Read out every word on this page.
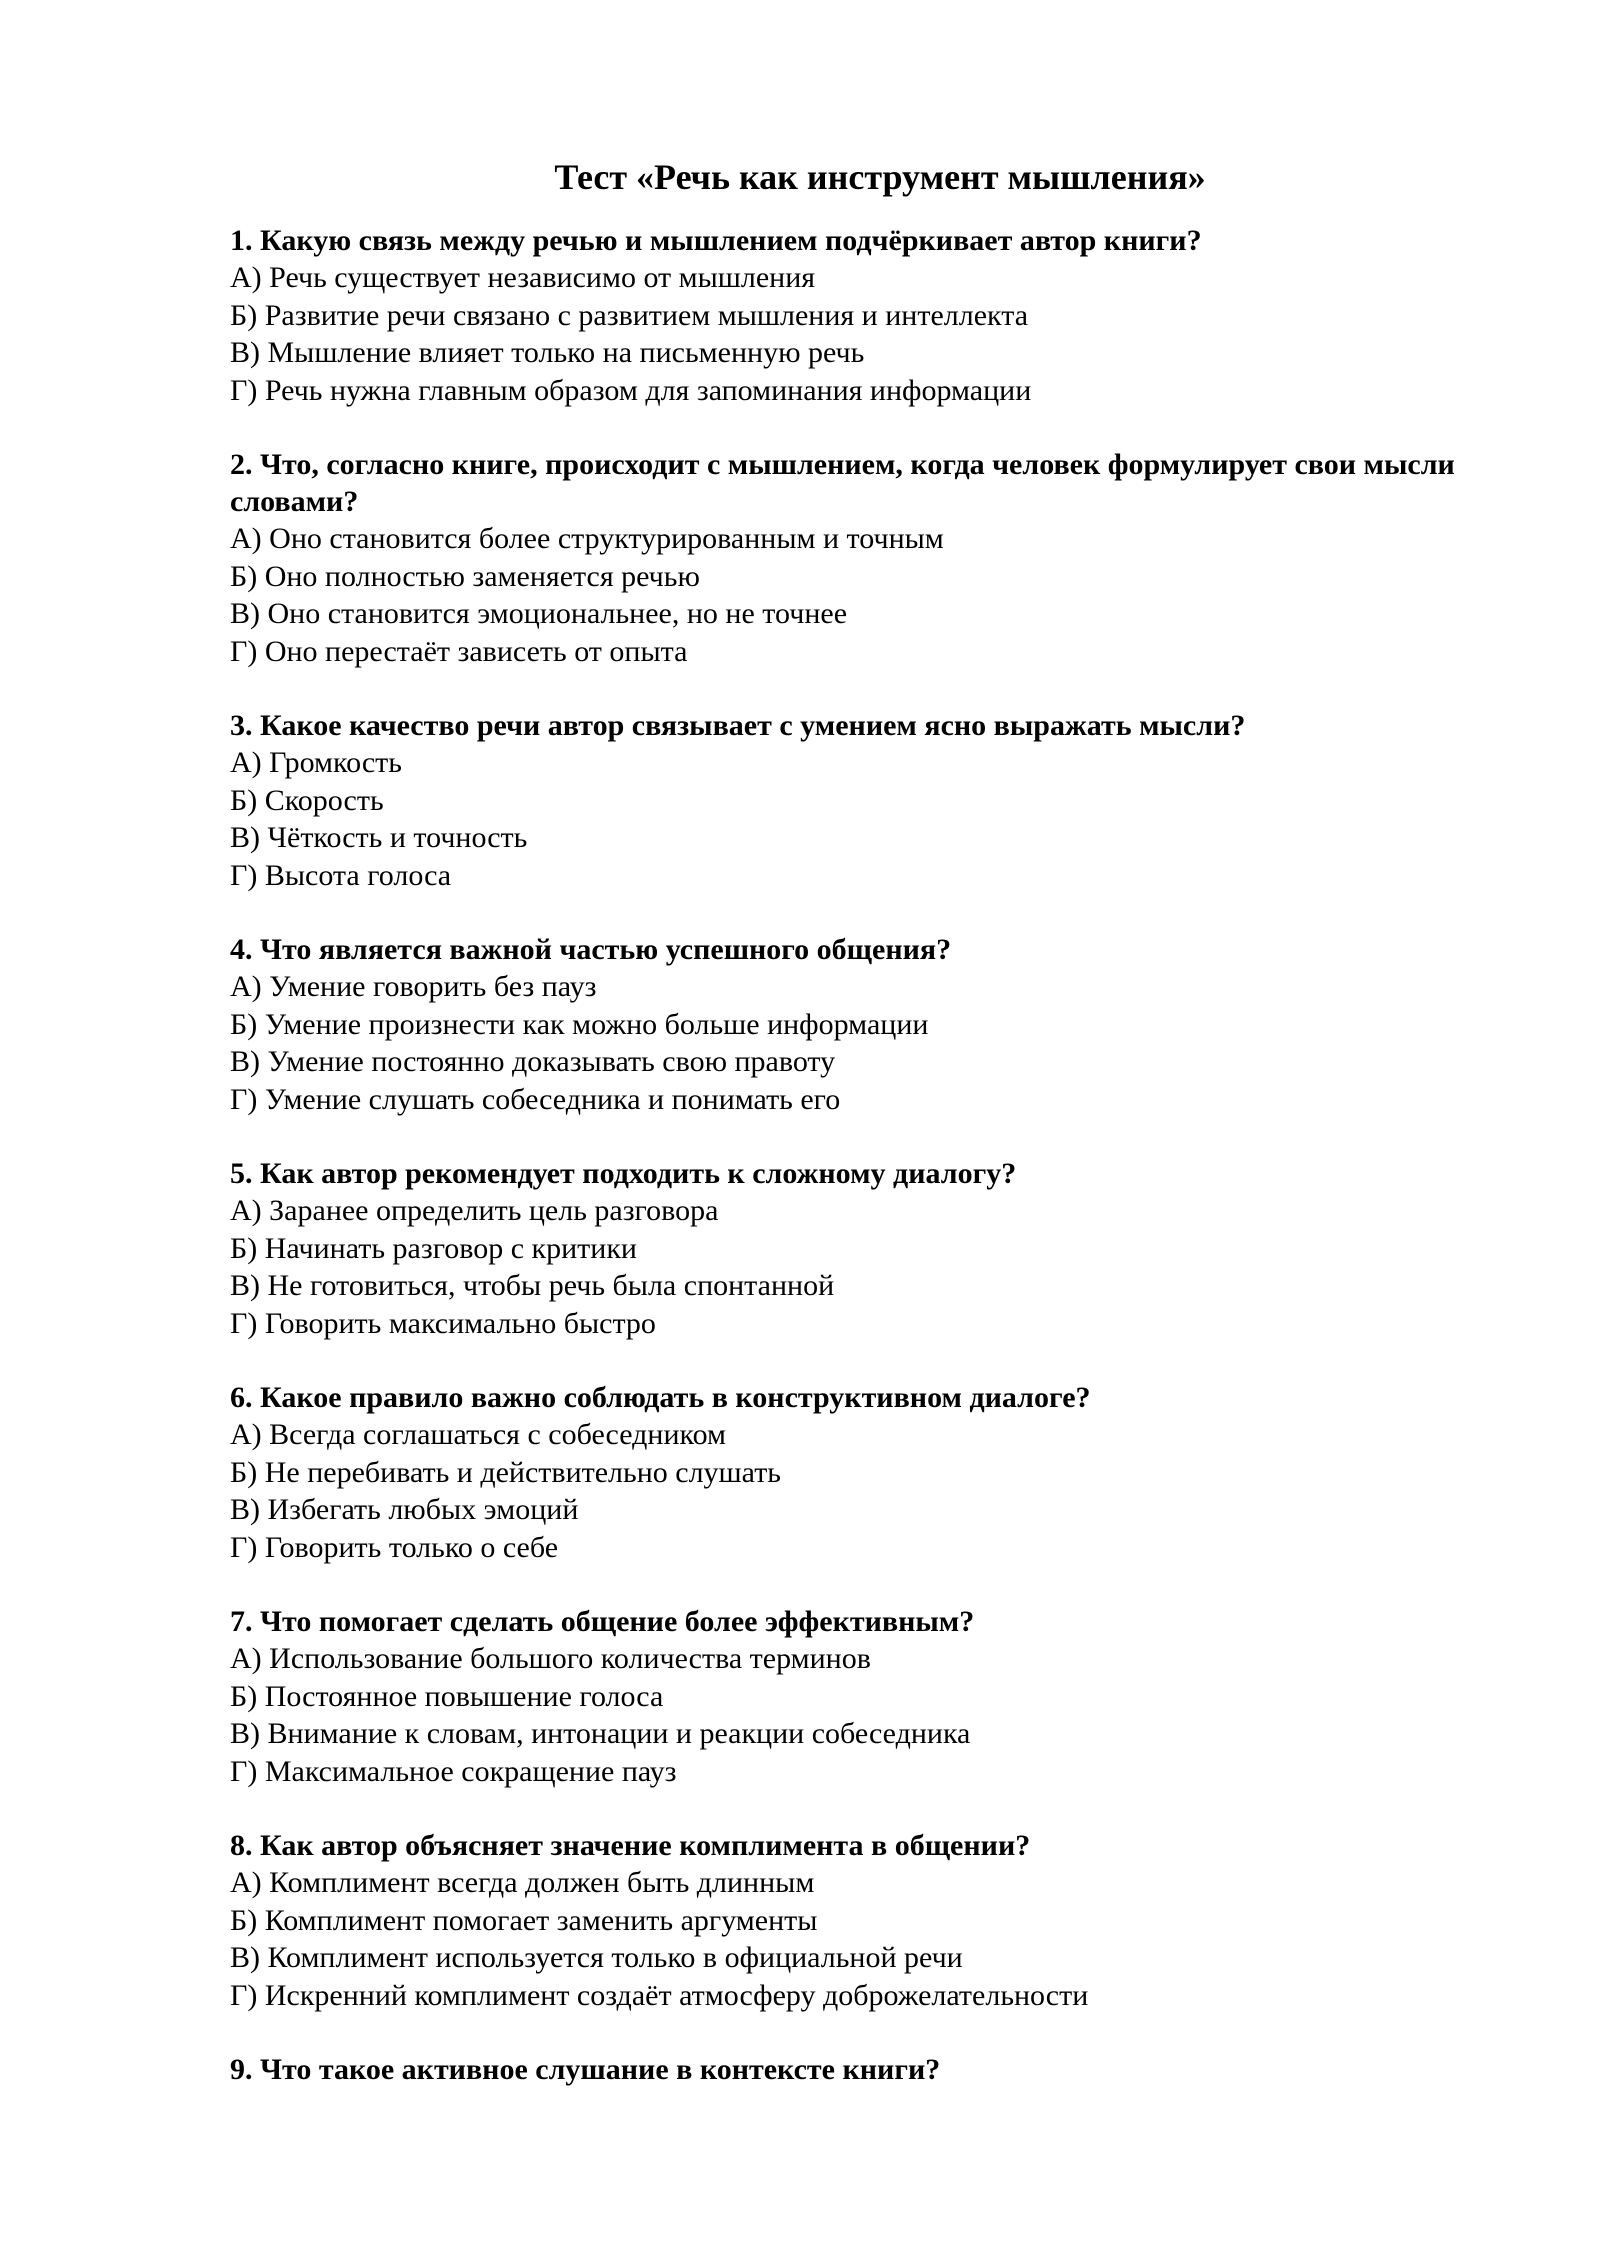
Тест «Речь как инструмент мышления»

1. Какую связь между речью и мышлением подчёркивает автор книги?

А) Речь существует независимо от мышления

Б) Развитие речи связано с развитием мышления и интеллекта

В) Мышление влияет только на письменную речь

Г) Речь нужна главным образом для запоминания информации

2. Что, согласно книге, происходит с мышлением, когда человек формулирует свои мысли словами?

А) Оно становится более структурированным и точным

Б) Оно полностью заменяется речью

В) Оно становится эмоциональнее, но не точнее

Г) Оно перестаёт зависеть от опыта

3. Какое качество речи автор связывает с умением ясно выражать мысли?

А) Громкость

Б) Скорость

В) Чёткость и точность

Г) Высота голоса

4. Что является важной частью успешного общения?

А) Умение говорить без пауз

Б) Умение произнести как можно больше информации

В) Умение постоянно доказывать свою правоту

Г) Умение слушать собеседника и понимать его

5. Как автор рекомендует подходить к сложному диалогу?

А) Заранее определить цель разговора

Б) Начинать разговор с критики

В) Не готовиться, чтобы речь была спонтанной

Г) Говорить максимально быстро

6. Какое правило важно соблюдать в конструктивном диалоге?

А) Всегда соглашаться с собеседником

Б) Не перебивать и действительно слушать

В) Избегать любых эмоций

Г) Говорить только о себе

7. Что помогает сделать общение более эффективным?

А) Использование большого количества терминов

Б) Постоянное повышение голоса

В) Внимание к словам, интонации и реакции собеседника

Г) Максимальное сокращение пауз

8. Как автор объясняет значение комплимента в общении?

А) Комплимент всегда должен быть длинным

Б) Комплимент помогает заменить аргументы

В) Комплимент используется только в официальной речи

Г) Искренний комплимент создаёт атмосферу доброжелательности

9. Что такое активное слушание в контексте книги?
